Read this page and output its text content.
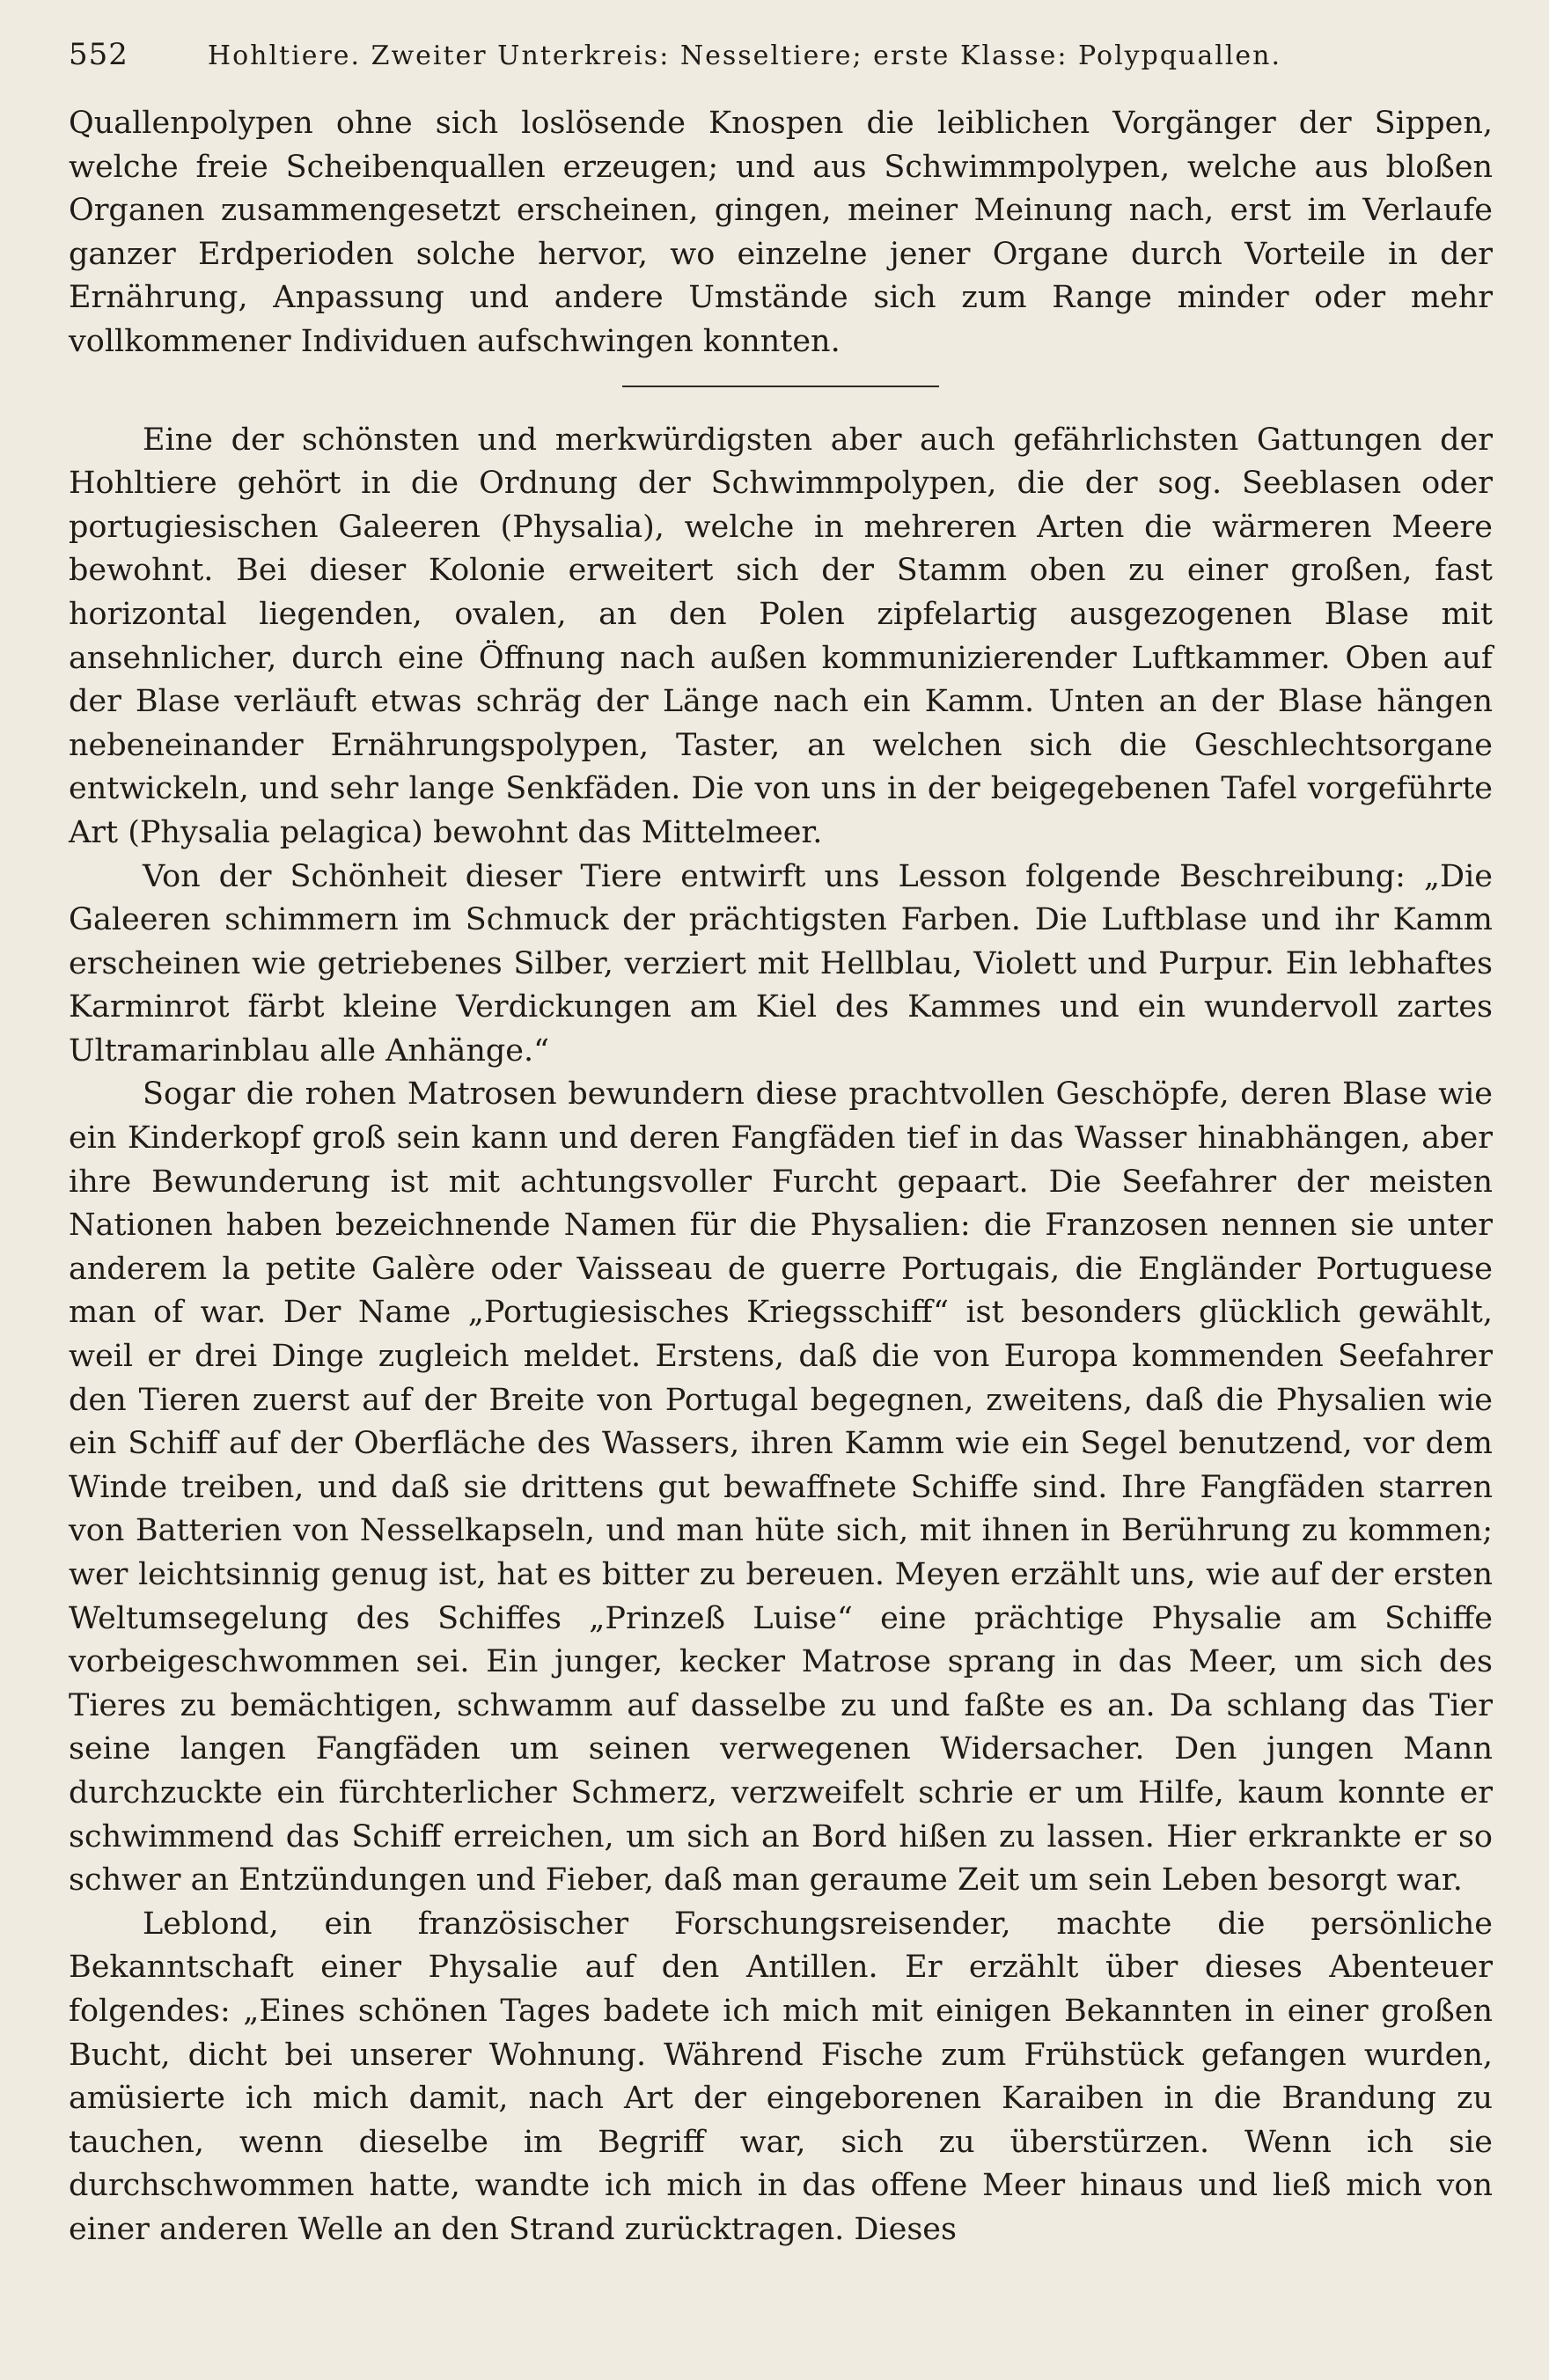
552	Hohltiere. Zweiter Unterkreis: Nesseltiere; erste Klasse: Polypquallen.

Quallenpolypen ohne sich loslösende Knospen die leiblichen Vorgänger der Sippen, welche freie Scheibenquallen erzeugen; und aus Schwimmpolypen, welche aus bloßen Organen zusammengesetzt erscheinen, gingen, meiner Meinung nach, erst im Verlaufe ganzer Erdperioden solche hervor, wo einzelne jener Organe durch Vorteile in der Ernährung, Anpassung und andere Umstände sich zum Range minder oder mehr vollkommener Individuen aufschwingen konnten.

Eine der schönsten und merkwürdigsten aber auch gefährlichsten Gattungen der Hohltiere gehört in die Ordnung der Schwimmpolypen, die der sog. Seeblasen oder portugiesischen Galeeren (Physalia), welche in mehreren Arten die wärmeren Meere bewohnt. Bei dieser Kolonie erweitert sich der Stamm oben zu einer großen, fast horizontal liegenden, ovalen, an den Polen zipfelartig ausgezogenen Blase mit ansehnlicher, durch eine Öffnung nach außen kommunizierender Luftkammer. Oben auf der Blase verläuft etwas schräg der Länge nach ein Kamm. Unten an der Blase hängen nebeneinander Ernährungspolypen, Taster, an welchen sich die Geschlechtsorgane entwickeln, und sehr lange Senkfäden. Die von uns in der beigegebenen Tafel vorgeführte Art (Physalia pelagica) bewohnt das Mittelmeer.

Von der Schönheit dieser Tiere entwirft uns Lesson folgende Beschreibung: „Die Galeeren schimmern im Schmuck der prächtigsten Farben. Die Luftblase und ihr Kamm erscheinen wie getriebenes Silber, verziert mit Hellblau, Violett und Purpur. Ein lebhaftes Karminrot färbt kleine Verdickungen am Kiel des Kammes und ein wundervoll zartes Ultramarinblau alle Anhänge.“

Sogar die rohen Matrosen bewundern diese prachtvollen Geschöpfe, deren Blase wie ein Kinderkopf groß sein kann und deren Fangfäden tief in das Wasser hinabhängen, aber ihre Bewunderung ist mit achtungsvoller Furcht gepaart. Die Seefahrer der meisten Nationen haben bezeichnende Namen für die Physalien: die Franzosen nennen sie unter anderem la petite Galère oder Vaisseau de guerre Portugais, die Engländer Portuguese man of war. Der Name „Portugiesisches Kriegsschiff“ ist besonders glücklich gewählt, weil er drei Dinge zugleich meldet. Erstens, daß die von Europa kommenden Seefahrer den Tieren zuerst auf der Breite von Portugal begegnen, zweitens, daß die Physalien wie ein Schiff auf der Oberfläche des Wassers, ihren Kamm wie ein Segel benutzend, vor dem Winde treiben, und daß sie drittens gut bewaffnete Schiffe sind. Ihre Fangfäden starren von Batterien von Nesselkapseln, und man hüte sich, mit ihnen in Berührung zu kommen; wer leichtsinnig genug ist, hat es bitter zu bereuen. Meyen erzählt uns, wie auf der ersten Weltumsegelung des Schiffes „Prinzeß Luise“ eine prächtige Physalie am Schiffe vorbeigeschwommen sei. Ein junger, kecker Matrose sprang in das Meer, um sich des Tieres zu bemächtigen, schwamm auf dasselbe zu und faßte es an. Da schlang das Tier seine langen Fangfäden um seinen verwegenen Widersacher. Den jungen Mann durchzuckte ein fürchterlicher Schmerz, verzweifelt schrie er um Hilfe, kaum konnte er schwimmend das Schiff erreichen, um sich an Bord hißen zu lassen. Hier erkrankte er so schwer an Entzündungen und Fieber, daß man geraume Zeit um sein Leben besorgt war.

Leblond, ein französischer Forschungsreisender, machte die persönliche Bekanntschaft einer Physalie auf den Antillen. Er erzählt über dieses Abenteuer folgendes: „Eines schönen Tages badete ich mich mit einigen Bekannten in einer großen Bucht, dicht bei unserer Wohnung. Während Fische zum Frühstück gefangen wurden, amüsierte ich mich damit, nach Art der eingeborenen Karaiben in die Brandung zu tauchen, wenn dieselbe im Begriff war, sich zu überstürzen. Wenn ich sie durchschwommen hatte, wandte ich mich in das offene Meer hinaus und ließ mich von einer anderen Welle an den Strand zurücktragen. Dieses
